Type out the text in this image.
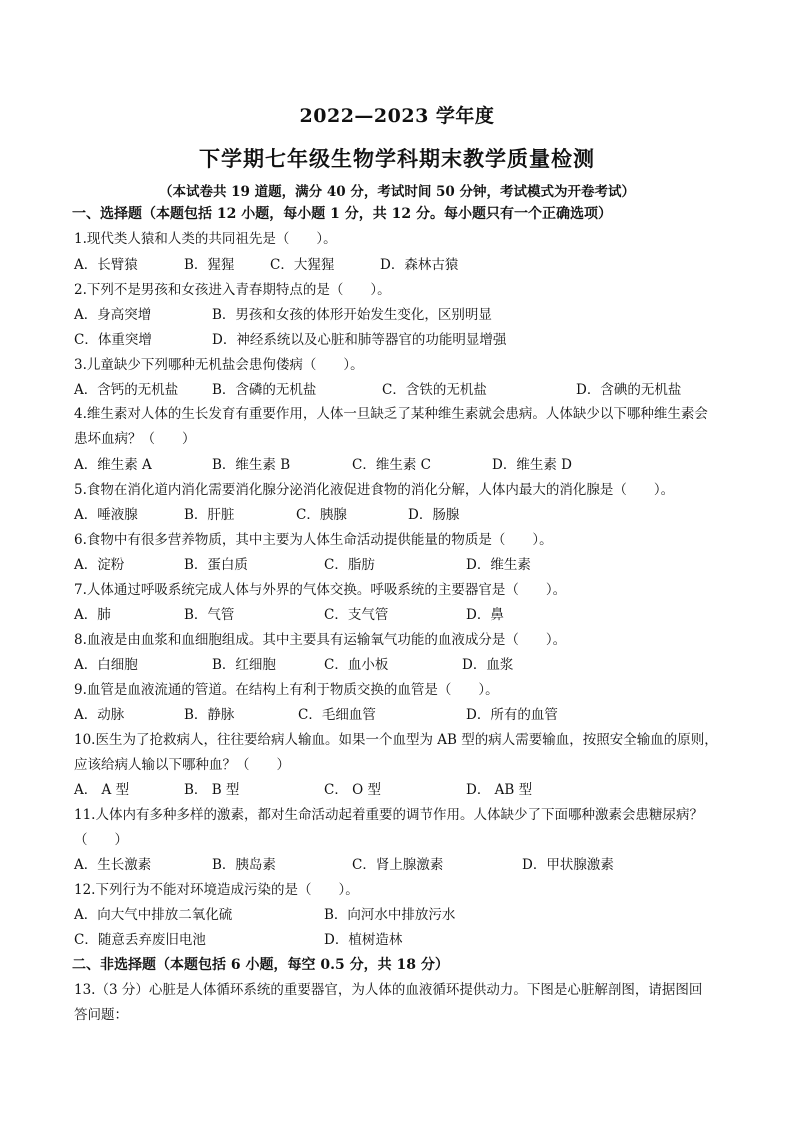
2022—2023 学年度
下学期七年级生物学科期末教学质量检测
（本试卷共 19 道题，满分 40 分，考试时间 50 分钟，考试模式为开卷考试）
一、选择题（本题包括 12 小题，每小题 1 分，共 12 分。每小题只有一个正确选项）
1.现代类人猿和人类的共同祖先是（　　）。
A．长臂猿	B．猩猩	C．大猩猩	D．森林古猿
2.下列不是男孩和女孩进入青春期特点的是（　　）。
A．身高突增	B．男孩和女孩的体形开始发生变化，区别明显
C．体重突增	D．神经系统以及心脏和肺等器官的功能明显增强
3.儿童缺少下列哪种无机盐会患佝偻病（　　）。
A．含钙的无机盐	B．含磷的无机盐	C．含铁的无机盐	D．含碘的无机盐
4.维生素对人体的生长发育有重要作用，人体一旦缺乏了某种维生素就会患病。人体缺少以下哪种维生素会
患坏血病？（　　）
A．维生素 A	B．维生素 B	C．维生素 C	D．维生素 D
5.食物在消化道内消化需要消化腺分泌消化液促进食物的消化分解，人体内最大的消化腺是（　　）。
A．唾液腺	B．肝脏	C．胰腺	D．肠腺
6.食物中有很多营养物质，其中主要为人体生命活动提供能量的物质是（　　）。
A．淀粉	B．蛋白质	C．脂肪	D．维生素
7.人体通过呼吸系统完成人体与外界的气体交换。呼吸系统的主要器官是（　　）。
A．肺	B．气管	C．支气管	D．鼻
8.血液是由血浆和血细胞组成。其中主要具有运输氧气功能的血液成分是（　　）。
A．白细胞	B．红细胞	C．血小板	D．血浆
9.血管是血液流通的管道。在结构上有利于物质交换的血管是（　　）。
A．动脉	B．静脉	C．毛细血管	D．所有的血管
10.医生为了抢救病人，往往要给病人输血。如果一个血型为 AB 型的病人需要输血，按照安全输血的原则，
应该给病人输以下哪种血？（　　）
A． A 型	B． B 型	C． O 型	D． AB 型
11.人体内有多种多样的激素，都对生命活动起着重要的调节作用。人体缺少了下面哪种激素会患糖尿病？
（　　）
A．生长激素	B．胰岛素	C．肾上腺激素	D．甲状腺激素
12.下列行为不能对环境造成污染的是（　　）。
A．向大气中排放二氧化硫	B．向河水中排放污水
C．随意丢弃废旧电池	D．植树造林
二、非选择题（本题包括 6 小题，每空 0.5 分，共 18 分）
13.（3 分）心脏是人体循环系统的重要器官，为人体的血液循环提供动力。下图是心脏解剖图，请据图回
答问题：
